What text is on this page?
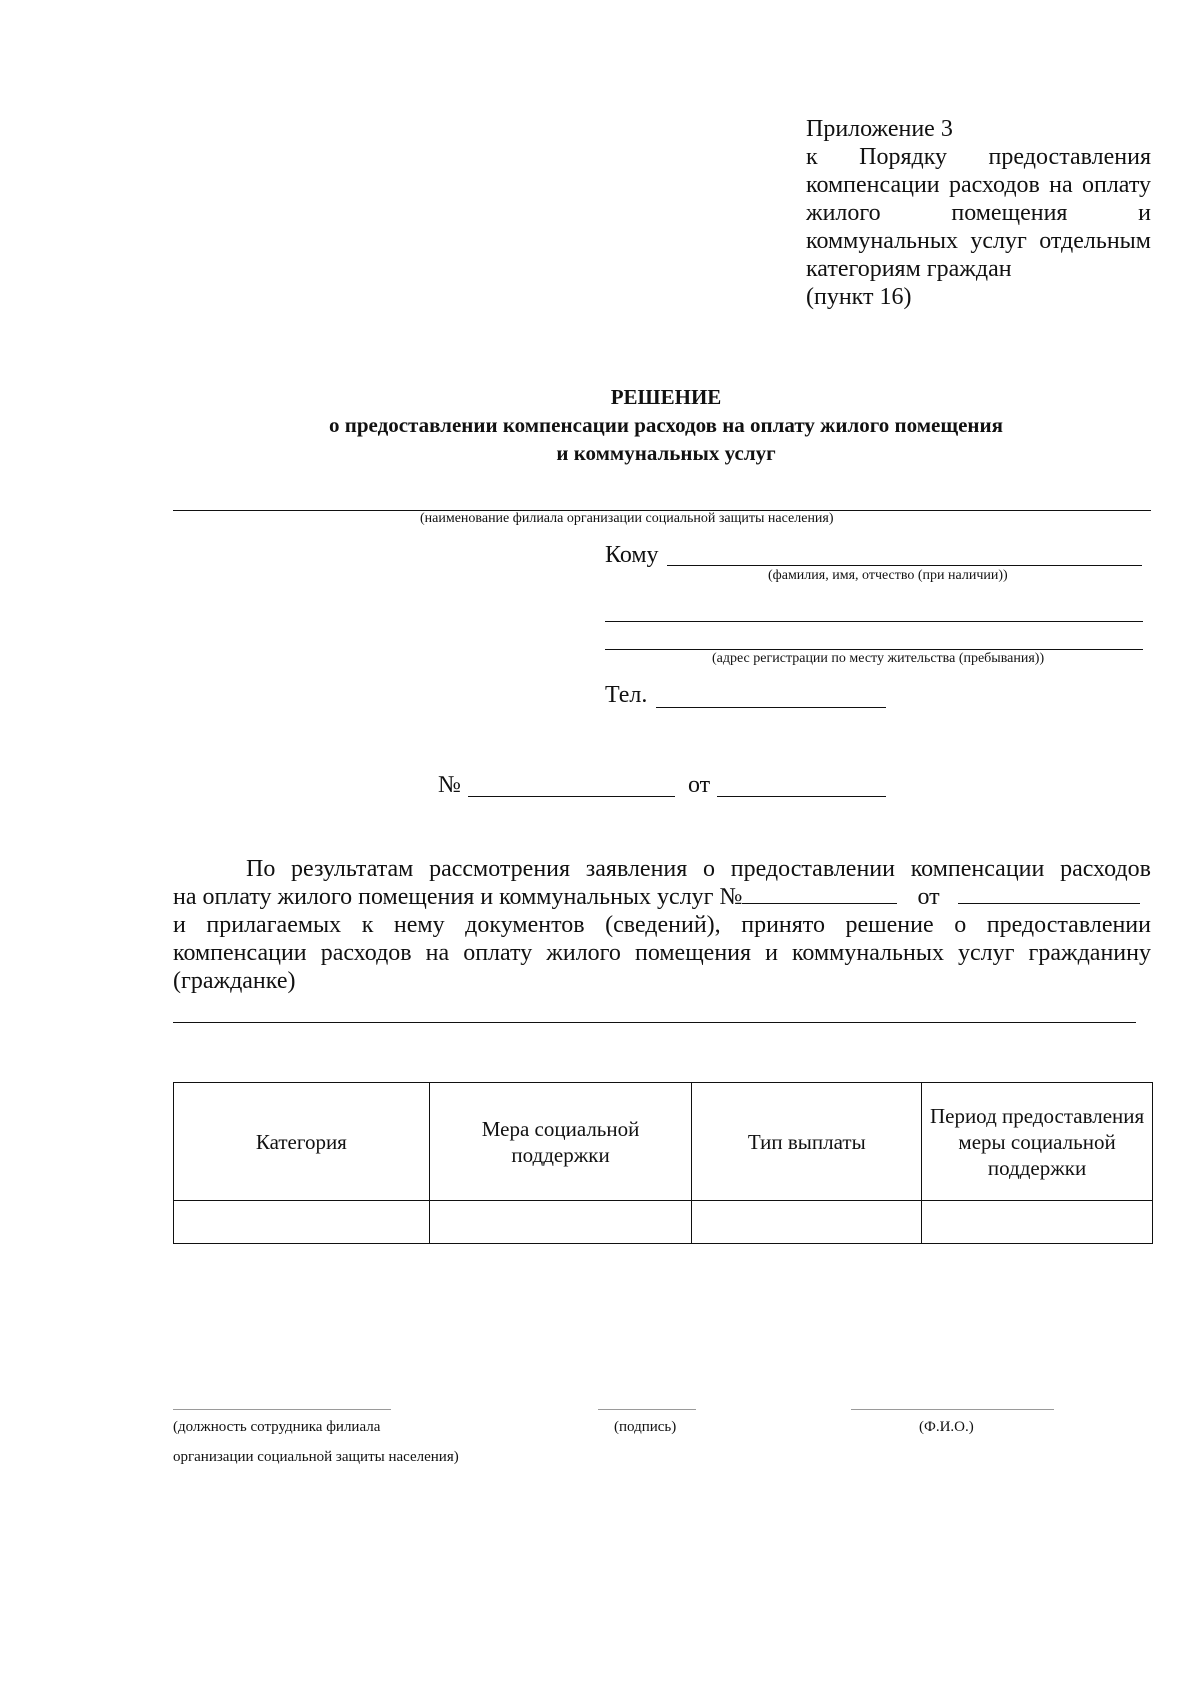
Приложение 3
к Порядку предоставления
компенсации расходов на оплату
жилого помещения и
коммунальных услуг отдельным
категориям граждан
(пункт 16)
РЕШЕНИЕ
о предоставлении компенсации расходов на оплату жилого помещения
и коммунальных услуг
(наименование филиала организации социальной защиты населения)
Кому
(фамилия, имя, отчество (при наличии))
(адрес регистрации по месту жительства (пребывания))
Тел.
№	от
По результатам рассмотрения заявления о предоставлении компенсации расходов
на оплату жилого помещения и коммунальных услуг №	от
и прилагаемых к нему документов (сведений), принято решение о предоставлении
компенсации расходов на оплату жилого помещения и коммунальных услуг гражданину
(гражданке)
Категория	Мера социальной поддержки	Тип выплаты	Период предоставления меры социальной поддержки

(должность сотрудника филиала
организации социальной защиты населения)
(подпись)	(Ф.И.О.)
